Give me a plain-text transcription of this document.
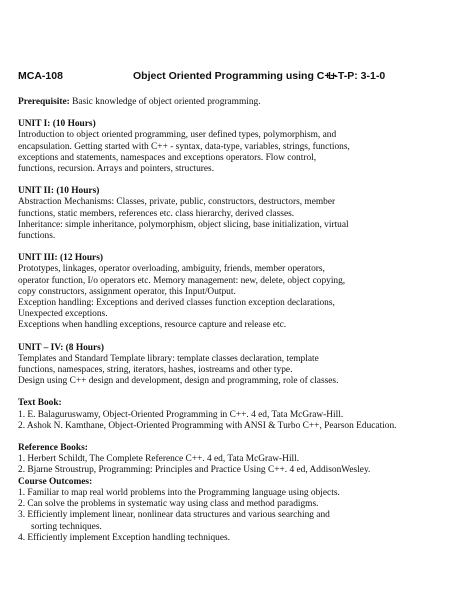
MCA-108	Object Oriented Programming using C++
L-T-P: 3-1-0
Prerequisite: Basic knowledge of object oriented programming.
UNIT I: (10 Hours)
Introduction to object oriented programming, user defined types, polymorphism, and
encapsulation. Getting started with C++ - syntax, data-type, variables, strings, functions,
exceptions and statements, namespaces and exceptions operators. Flow control,
functions, recursion. Arrays and pointers, structures.
UNIT II: (10 Hours)
Abstraction Mechanisms: Classes, private, public, constructors, destructors, member
functions, static members, references etc. class hierarchy, derived classes.
Inheritance: simple inheritance, polymorphism, object slicing, base initialization, virtual
functions.
UNIT III: (12 Hours)
Prototypes, linkages, operator overloading, ambiguity, friends, member operators,
operator function, I/o operators etc. Memory management: new, delete, object copying,
copy constructors, assignment operator, this Input/Output.
Exception handling: Exceptions and derived classes function exception declarations,
Unexpected exceptions.
Exceptions when handling exceptions, resource capture and release etc.
UNIT – IV: (8 Hours)
Templates and Standard Template library: template classes declaration, template
functions, namespaces, string, iterators, hashes, iostreams and other type.
Design using C++ design and development, design and programming, role of classes.
Text Book:
1. E. Balaguruswamy, Object-Oriented Programming in C++. 4 ed, Tata McGraw-Hill.
2. Ashok N. Kamthane, Object-Oriented Programming with ANSI & Turbo C++, Pearson Education.
Reference Books:
1. Herbert Schildt, The Complete Reference C++. 4 ed, Tata McGraw-Hill.
2. Bjarne Stroustrup, Programming: Principles and Practice Using C++. 4 ed, AddisonWesley.
Course Outcomes:
1. Familiar to map real world problems into the Programming language using objects.
2. Can solve the problems in systematic way using class and method paradigms.
3. Efficiently implement linear, nonlinear data structures and various searching and
sorting techniques.
4. Efficiently implement Exception handling techniques.
